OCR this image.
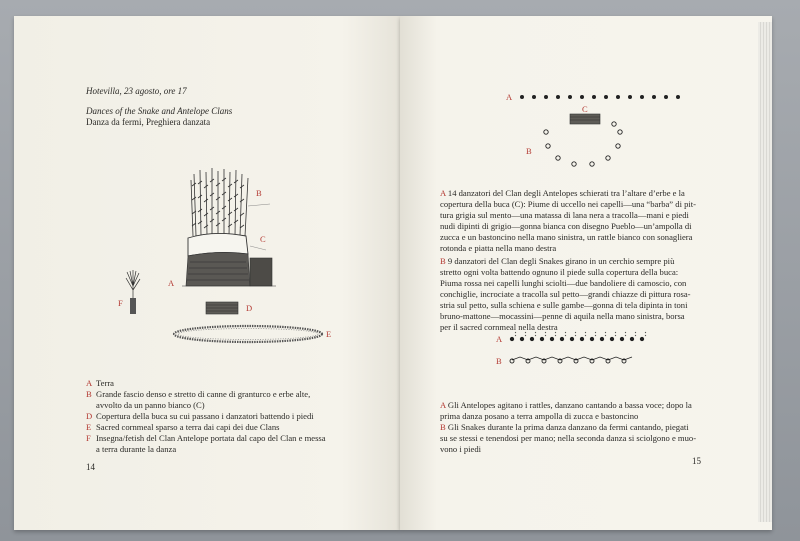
Hotevilla, 23 agosto, ore 17
Dances of the Snake and Antelope Clans
Danza da fermi, Preghiera danzata
B
C
A
F	D
E
A Terra
B Grande fascio denso e stretto di canne di granturco e erbe alte,
avvolto da un panno bianco (C)
D Copertura della buca su cui passano i danzatori battendo i piedi
E Sacred cornmeal sparso a terra dai capi dei due Clans
F Insegna/fetish del Clan Antelope portata dal capo del Clan e messa
a terra durante la danza
14
A
C
B
A 14 danzatori del Clan degli Antelopes schierati tra l’altare d’erbe e la
copertura della buca (C): Piume di uccello nei capelli—una “barba” di pit-
tura grigia sul mento—una matassa di lana nera a tracolla—mani e piedi
nudi dipinti di grigio—gonna bianca con disegno Pueblo—un’ampolla di
zucca e un bastoncino nella mano sinistra, un rattle bianco con sonagliera
rotonda e piatta nella mano destra
B 9 danzatori del Clan degli Snakes girano in un cerchio sempre più
stretto ogni volta battendo ognuno il piede sulla copertura della buca:
Piuma rossa nei capelli lunghi sciolti—due bandoliere di camoscio, con
conchiglie, incrociate a tracolla sul petto—grandi chiazze di pittura rosa-
stria sul petto, sulla schiena e sulle gambe—gonna di tela dipinta in toni
bruno-mattone—mocassini—penne di aquila nella mano sinistra, borsa
per il sacred cornmeal nella destra
A
B
A Gli Antelopes agitano i rattles, danzano cantando a bassa voce; dopo la
prima danza posano a terra ampolla di zucca e bastoncino
B Gli Snakes durante la prima danza danzano da fermi cantando, piegati
su se stessi e tenendosi per mano; nella seconda danza si sciolgono e muo-
vono i piedi
15
